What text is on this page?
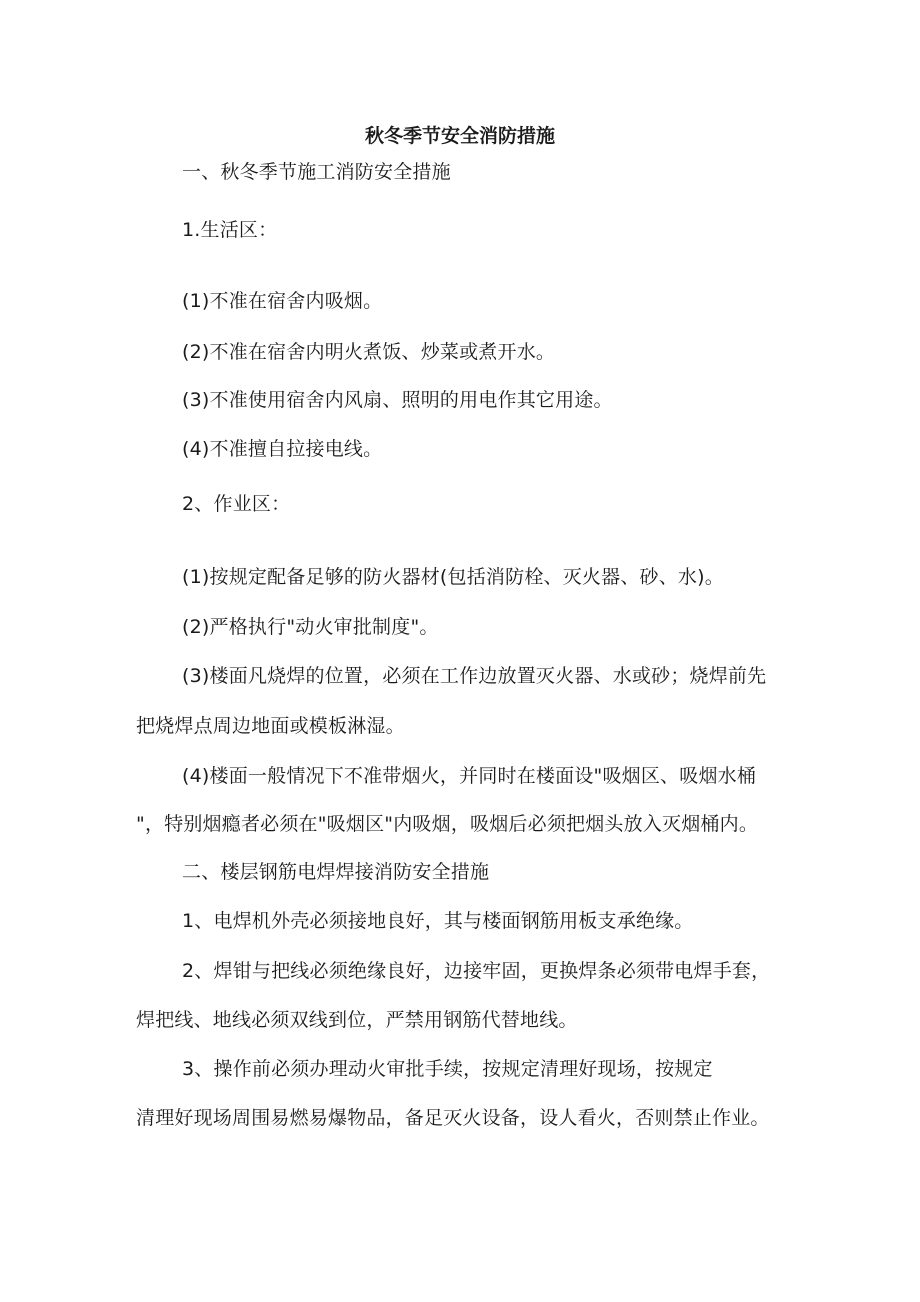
秋冬季节安全消防措施
一、秋冬季节施工消防安全措施
1.生活区：
(1)不准在宿舍内吸烟。
(2)不准在宿舍内明火煮饭、炒菜或煮开水。
(3)不准使用宿舍内风扇、照明的用电作其它用途。
(4)不准擅自拉接电线。
2、作业区：
(1)按规定配备足够的防火器材(包括消防栓、灭火器、砂、水)。
(2)严格执行"动火审批制度"。
(3)楼面凡烧焊的位置，必须在工作边放置灭火器、水或砂；烧焊前先
把烧焊点周边地面或模板淋湿。
(4)楼面一般情况下不准带烟火，并同时在楼面设"吸烟区、吸烟水桶
"，特别烟瘾者必须在"吸烟区"内吸烟，吸烟后必须把烟头放入灭烟桶内。
二、楼层钢筋电焊焊接消防安全措施
1、电焊机外壳必须接地良好，其与楼面钢筋用板支承绝缘。
2、焊钳与把线必须绝缘良好，边接牢固，更换焊条必须带电焊手套，
焊把线、地线必须双线到位，严禁用钢筋代替地线。
3、操作前必须办理动火审批手续，按规定清理好现场，按规定
清理好现场周围易燃易爆物品，备足灭火设备，设人看火，否则禁止作业。
